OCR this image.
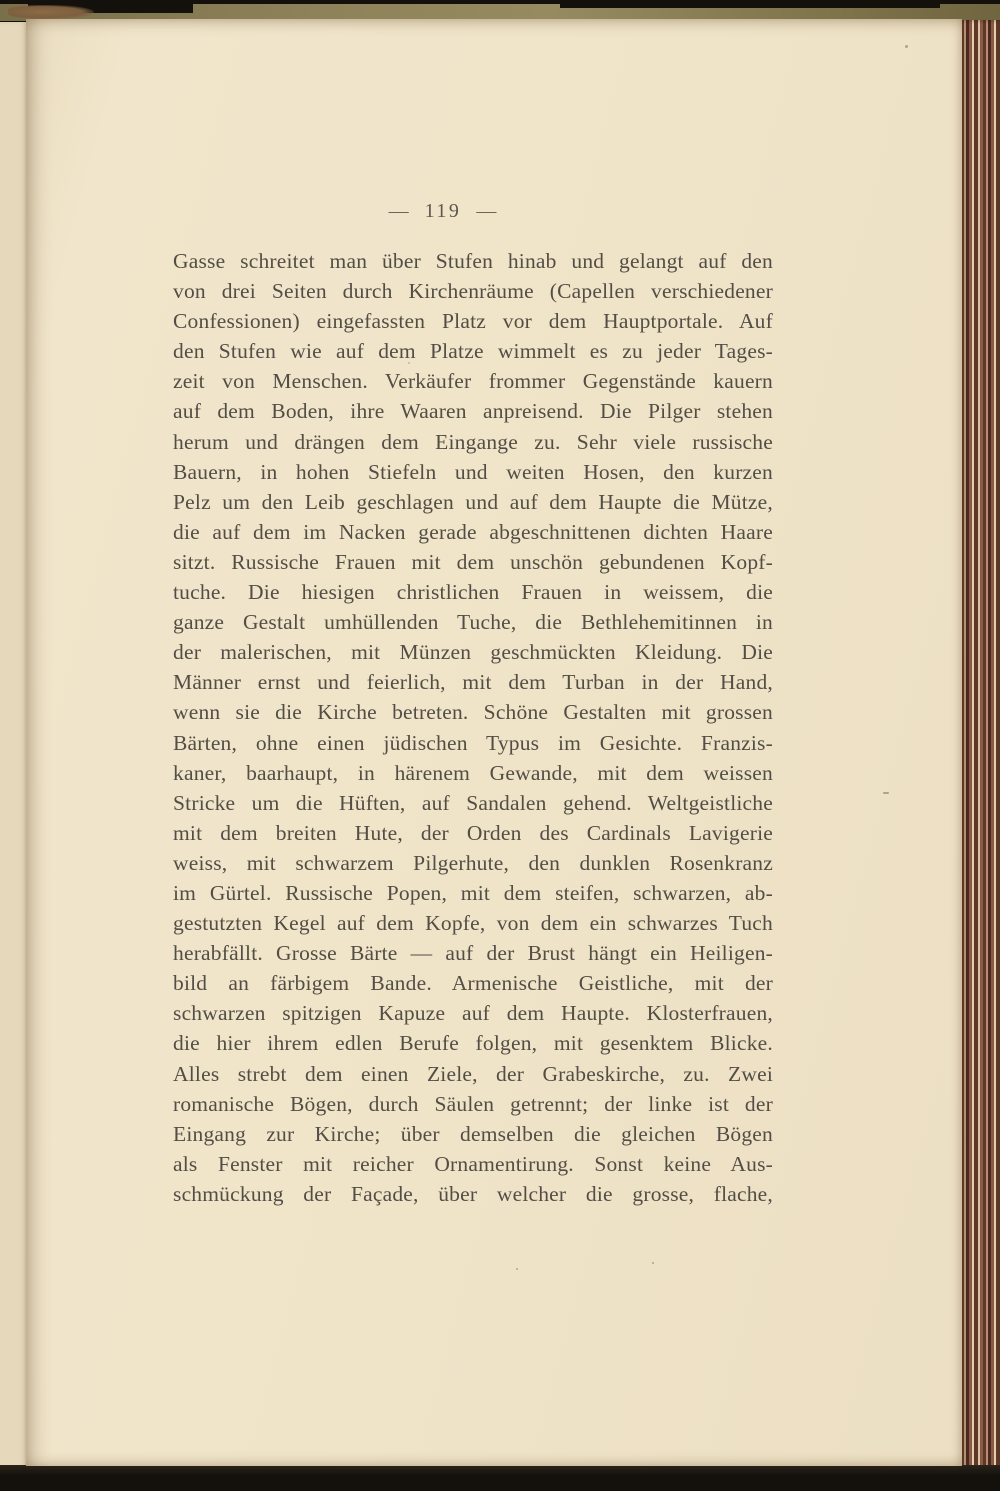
— 119 —
Gasse schreitet man über Stufen hinab und gelangt auf den
von drei Seiten durch Kirchenräume (Capellen verschiedener
Confessionen) eingefassten Platz vor dem Hauptportale. Auf
den Stufen wie auf dem Platze wimmelt es zu jeder Tages-
zeit von Menschen. Verkäufer frommer Gegenstände kauern
auf dem Boden, ihre Waaren anpreisend. Die Pilger stehen
herum und drängen dem Eingange zu. Sehr viele russische
Bauern, in hohen Stiefeln und weiten Hosen, den kurzen
Pelz um den Leib geschlagen und auf dem Haupte die Mütze,
die auf dem im Nacken gerade abgeschnittenen dichten Haare
sitzt. Russische Frauen mit dem unschön gebundenen Kopf-
tuche. Die hiesigen christlichen Frauen in weissem, die
ganze Gestalt umhüllenden Tuche, die Bethlehemitinnen in
der malerischen, mit Münzen geschmückten Kleidung. Die
Männer ernst und feierlich, mit dem Turban in der Hand,
wenn sie die Kirche betreten. Schöne Gestalten mit grossen
Bärten, ohne einen jüdischen Typus im Gesichte. Franzis-
kaner, baarhaupt, in härenem Gewande, mit dem weissen
Stricke um die Hüften, auf Sandalen gehend. Weltgeistliche
mit dem breiten Hute, der Orden des Cardinals Lavigerie
weiss, mit schwarzem Pilgerhute, den dunklen Rosenkranz
im Gürtel. Russische Popen, mit dem steifen, schwarzen, ab-
gestutzten Kegel auf dem Kopfe, von dem ein schwarzes Tuch
herabfällt. Grosse Bärte — auf der Brust hängt ein Heiligen-
bild an färbigem Bande. Armenische Geistliche, mit der
schwarzen spitzigen Kapuze auf dem Haupte. Klosterfrauen,
die hier ihrem edlen Berufe folgen, mit gesenktem Blicke.
Alles strebt dem einen Ziele, der Grabeskirche, zu. Zwei
romanische Bögen, durch Säulen getrennt; der linke ist der
Eingang zur Kirche; über demselben die gleichen Bögen
als Fenster mit reicher Ornamentirung. Sonst keine Aus-
schmückung der Façade, über welcher die grosse, flache,
